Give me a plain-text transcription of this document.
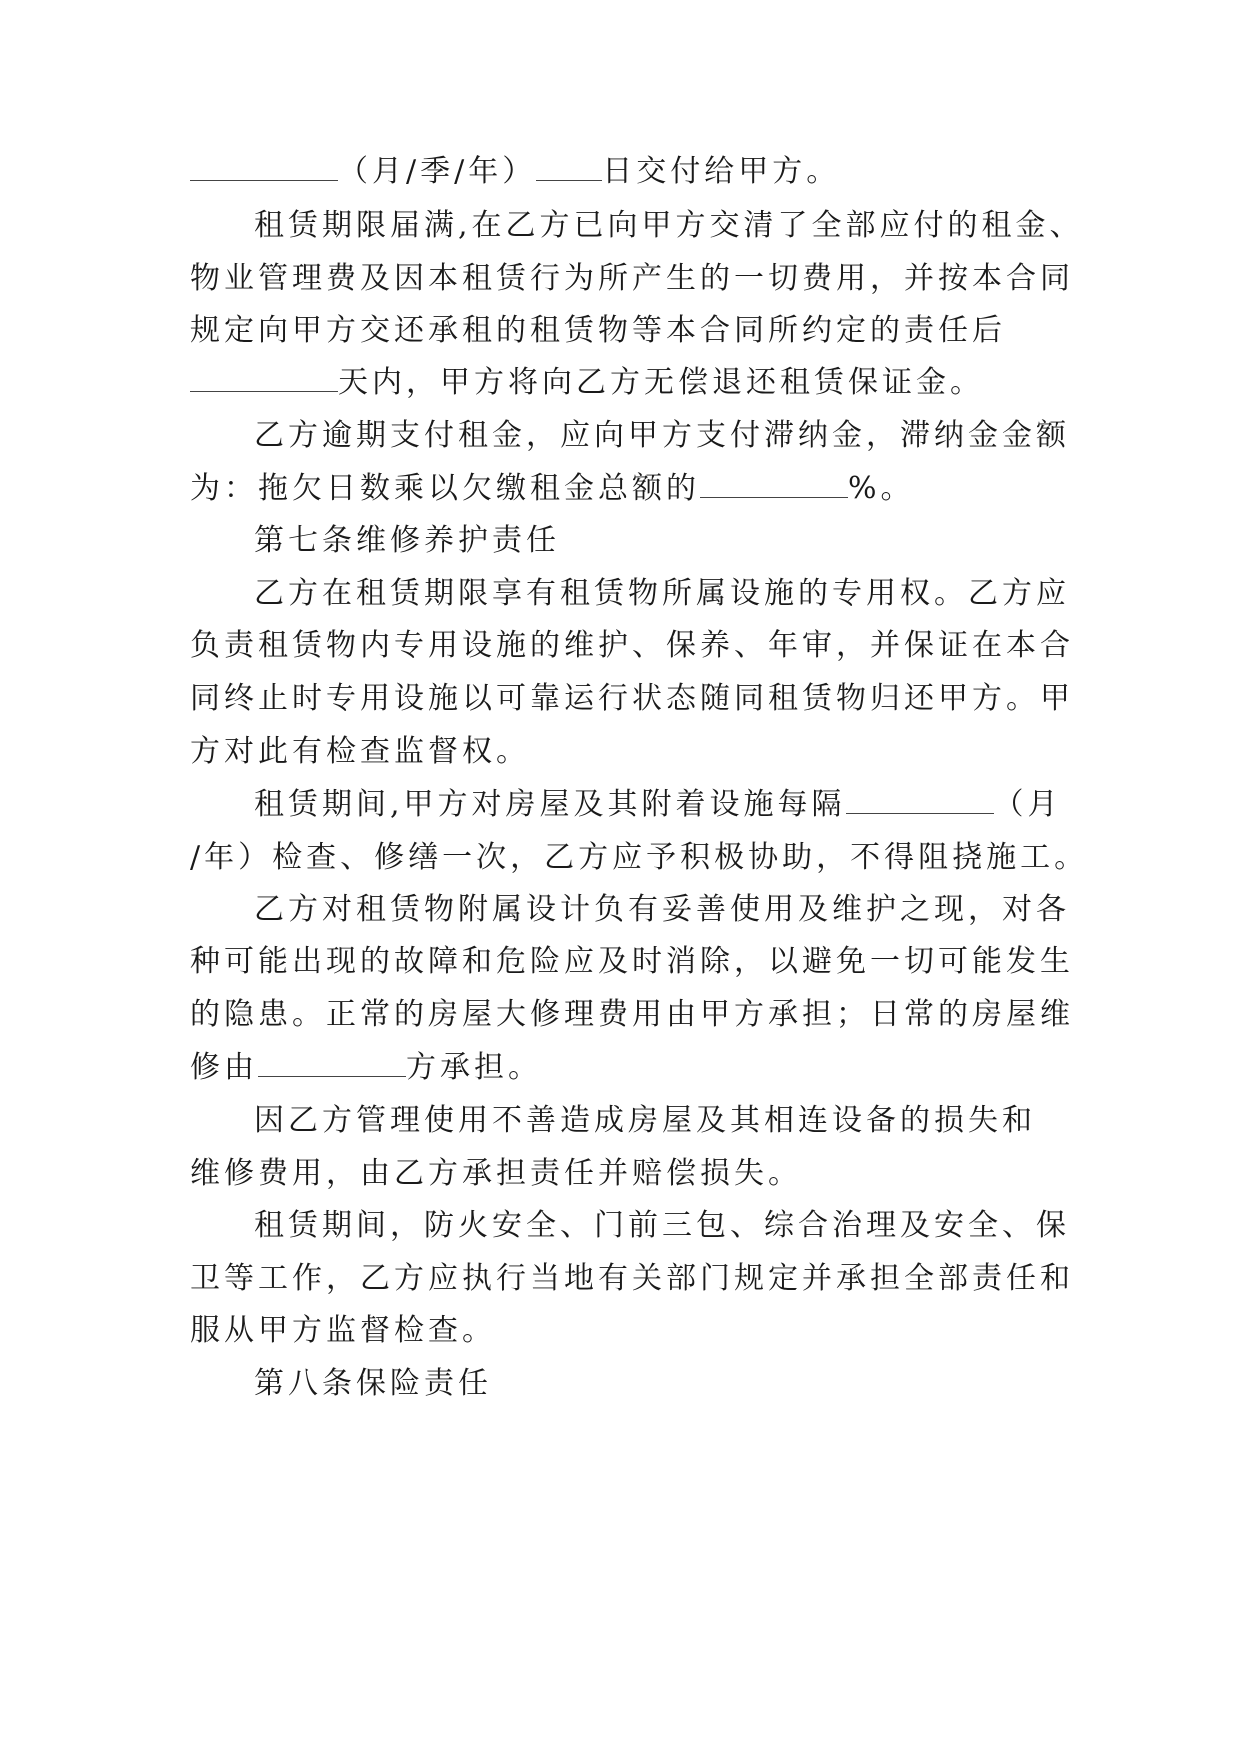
（月/季/年） 日交付给甲方。
租赁期限届满,在乙方已向甲方交清了全部应付的租金、
物业管理费及因本租赁行为所产生的一切费用，并按本合同
规定向甲方交还承租的租赁物等本合同所约定的责任后
天内，甲方将向乙方无偿退还租赁保证金。
乙方逾期支付租金，应向甲方支付滞纳金，滞纳金金额
为：拖欠日数乘以欠缴租金总额的	%。
第七条维修养护责任
乙方在租赁期限享有租赁物所属设施的专用权。乙方应
负责租赁物内专用设施的维护、保养、年审，并保证在本合
同终止时专用设施以可靠运行状态随同租赁物归还甲方。甲
方对此有检查监督权。
租赁期间,甲方对房屋及其附着设施每隔	（月
/年）检查、修缮一次，乙方应予积极协助，不得阻挠施工。
乙方对租赁物附属设计负有妥善使用及维护之现，对各
种可能出现的故障和危险应及时消除，以避免一切可能发生
的隐患。正常的房屋大修理费用由甲方承担；日常的房屋维
修由	方承担。
因乙方管理使用不善造成房屋及其相连设备的损失和
维修费用，由乙方承担责任并赔偿损失。
租赁期间，防火安全、门前三包、综合治理及安全、保
卫等工作，乙方应执行当地有关部门规定并承担全部责任和
服从甲方监督检查。
第八条保险责任
